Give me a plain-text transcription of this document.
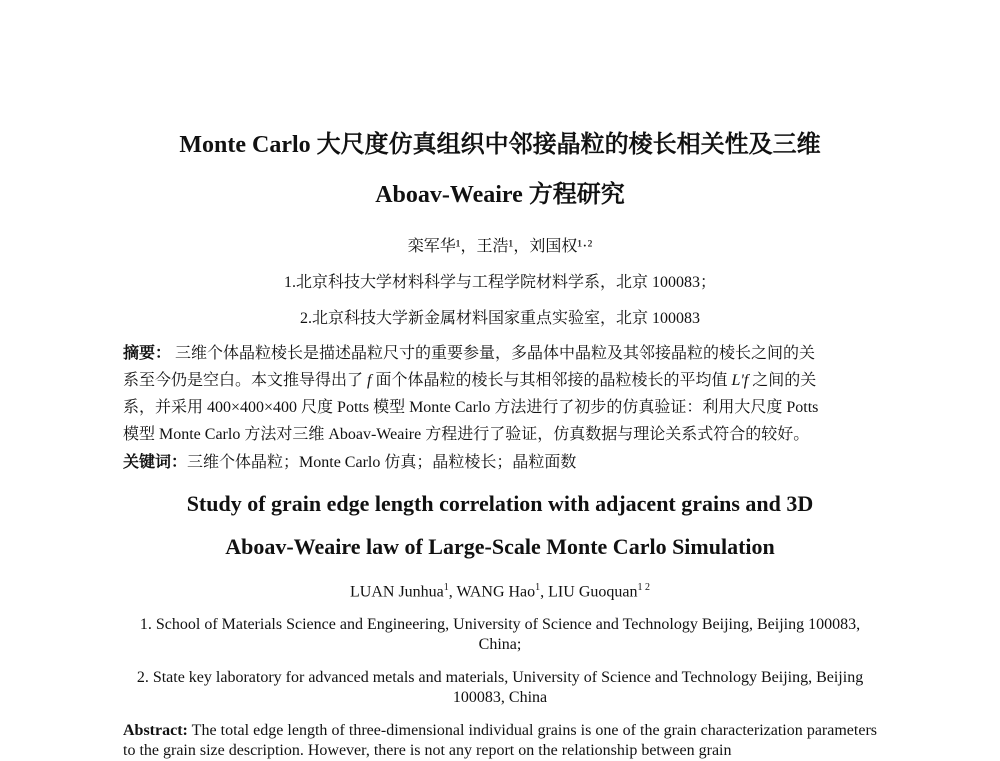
Monte Carlo 大尺度仿真组织中邻接晶粒的棱长相关性及三维
Aboav-Weaire 方程研究
栾军华¹，王浩¹，刘国权¹·²
1.北京科技大学材料科学与工程学院材料学系，北京 100083；
2.北京科技大学新金属材料国家重点实验室，北京 100083
摘要： 三维个体晶粒棱长是描述晶粒尺寸的重要参量，多晶体中晶粒及其邻接晶粒的棱长之间的关
系至今仍是空白。本文推导得出了 f 面个体晶粒的棱长与其相邻接的晶粒棱长的平均值 L'f 之间的关
系，并采用 400×400×400 尺度 Potts 模型 Monte Carlo 方法进行了初步的仿真验证：利用大尺度 Potts
模型 Monte Carlo 方法对三维 Aboav-Weaire 方程进行了验证，仿真数据与理论关系式符合的较好。
关键词：三维个体晶粒；Monte Carlo 仿真；晶粒棱长；晶粒面数
Study of grain edge length correlation with adjacent grains and 3D
Aboav-Weaire law of Large-Scale Monte Carlo Simulation
LUAN Junhua$^1$, WANG Hao$^1$, LIU Guoquan$^{1 2}$
1. School of Materials Science and Engineering, University of Science and Technology Beijing, Beijing 100083, China;
2. State key laboratory for advanced metals and materials, University of Science and Technology Beijing, Beijing 100083, China
Abstract: The total edge length of three-dimensional individual grains is one of the grain characterization parameters to the grain size description. However, there is not any report on the relationship between grain
